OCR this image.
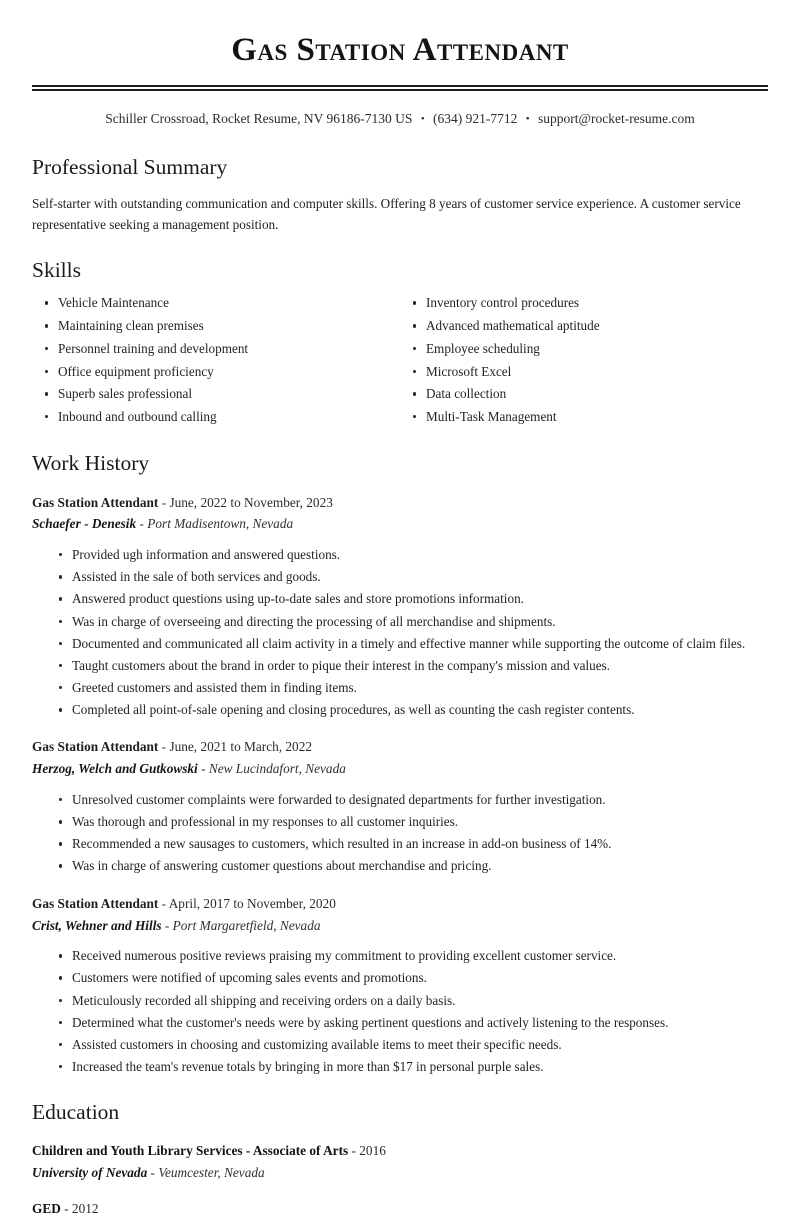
Gas Station Attendant
Schiller Crossroad, Rocket Resume, NV 96186-7130 US • (634) 921-7712 • support@rocket-resume.com
Professional Summary

Self-starter with outstanding communication and computer skills. Offering 8 years of customer service experience. A customer service representative seeking a management position.

Skills
Vehicle Maintenance
Maintaining clean premises
Personnel training and development
Office equipment proficiency
Superb sales professional
Inbound and outbound calling
Inventory control procedures
Advanced mathematical aptitude
Employee scheduling
Microsoft Excel
Data collection
Multi-Task Management
Work History
Gas Station Attendant - June, 2022 to November, 2023
Schaefer - Denesik - Port Madisentown, Nevada
Provided ugh information and answered questions.
Assisted in the sale of both services and goods.
Answered product questions using up-to-date sales and store promotions information.
Was in charge of overseeing and directing the processing of all merchandise and shipments.
Documented and communicated all claim activity in a timely and effective manner while supporting the outcome of claim files.
Taught customers about the brand in order to pique their interest in the company's mission and values.
Greeted customers and assisted them in finding items.
Completed all point-of-sale opening and closing procedures, as well as counting the cash register contents.
Gas Station Attendant - June, 2021 to March, 2022
Herzog, Welch and Gutkowski - New Lucindafort, Nevada
Unresolved customer complaints were forwarded to designated departments for further investigation.
Was thorough and professional in my responses to all customer inquiries.
Recommended a new sausages to customers, which resulted in an increase in add-on business of 14%.
Was in charge of answering customer questions about merchandise and pricing.
Gas Station Attendant - April, 2017 to November, 2020
Crist, Wehner and Hills - Port Margaretfield, Nevada
Received numerous positive reviews praising my commitment to providing excellent customer service.
Customers were notified of upcoming sales events and promotions.
Meticulously recorded all shipping and receiving orders on a daily basis.
Determined what the customer's needs were by asking pertinent questions and actively listening to the responses.
Assisted customers in choosing and customizing available items to meet their specific needs.
Increased the team's revenue totals by bringing in more than $17 in personal purple sales.
Education
Children and Youth Library Services - Associate of Arts - 2016
University of Nevada - Veumcester, Nevada
GED - 2012
